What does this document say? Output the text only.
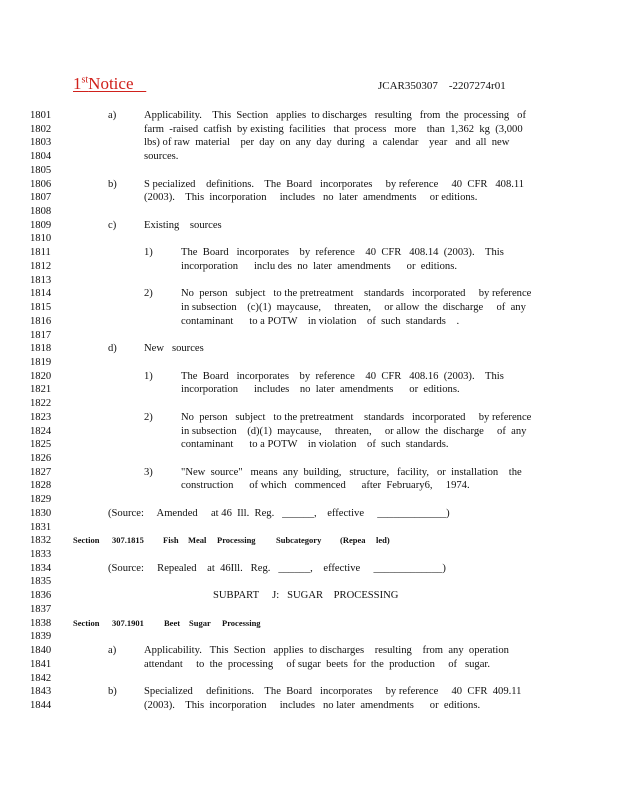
1stNotice	JCAR350307    -2207274r01
1801	a)	Applicability.    This  Section   applies  to discharges   resulting   from  the  processing   of
1802	farm  -raised  catfish  by existing  facilities   that  process   more    than  1,362  kg  (3,000
1803	lbs) of raw  material    per  day  on  any  day  during   a  calendar    year   and  all  new
1804	sources.
1805
1806	b)	S pecialized    definitions.    The  Board   incorporates     by reference     40  CFR   408.11
1807	(2003).    This  incorporation     includes   no  later  amendments     or editions.
1808
1809	c)	Existing    sources
1810
1811	1)	The  Board   incorporates    by  reference    40  CFR   408.14  (2003).    This
1812	incorporation      inclu des  no  later  amendments      or  editions.
1813
1814	2)	No  person   subject   to the pretreatment    standards   incorporated     by reference
1815	in subsection    (c)(1)  maycause,     threaten,     or allow  the  discharge     of  any
1816	contaminant      to a POTW    in violation    of  such  standards    .
1817
1818	d)	New   sources
1819
1820	1)	The  Board   incorporates    by  reference    40  CFR   408.16  (2003).    This
1821	incorporation      includes    no  later  amendments      or  editions.
1822
1823	2)	No  person   subject   to the pretreatment    standards   incorporated     by reference
1824	in subsection    (d)(1)  maycause,     threaten,     or allow  the  discharge     of  any
1825	contaminant      to a POTW    in violation    of  such  standards.
1826
1827	3)	"New  source"   means  any  building,   structure,   facility,   or  installation    the
1828	construction      of which   commenced      after  February6,     1974.
1829
1830	(Source:     Amended     at 46  Ill.  Reg.   ______,    effective     _____________)
1831
1832	Section 307.1815 Fish Meal Processing Subcategory (Repea led)
1833
1834	(Source:     Repealed    at  46Ill.   Reg.   ______,    effective     _____________)
1835
1836	SUBPART     J:   SUGAR    PROCESSING
1837
1838	Section 307.1901 Beet Sugar Processing
1839
1840	a)	Applicability.   This  Section   applies  to discharges    resulting    from  any  operation
1841	attendant     to  the  processing     of sugar  beets  for  the  production     of   sugar.
1842
1843	b)	Specialized     definitions.    The  Board   incorporates     by reference     40  CFR  409.11
1844	(2003).    This  incorporation     includes   no later  amendments      or  editions.
